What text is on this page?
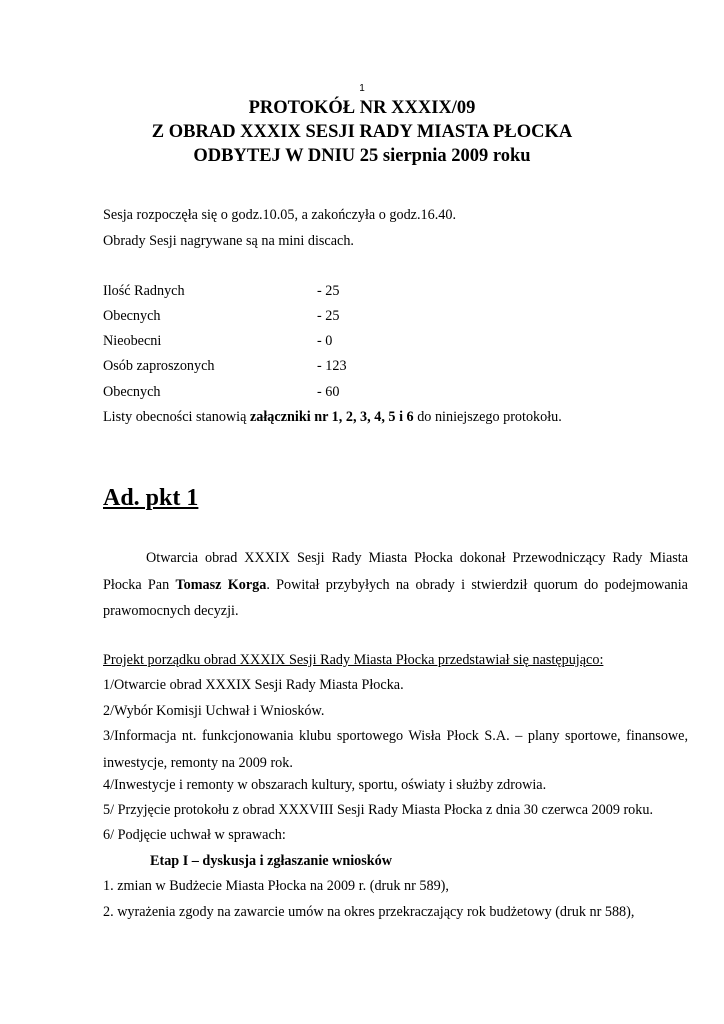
1
PROTOKÓŁ NR XXXIX/09
Z OBRAD XXXIX SESJI RADY MIASTA PŁOCKA
ODBYTEJ W DNIU 25 sierpnia 2009 roku
Sesja rozpoczęła się o godz.10.05, a zakończyła o godz.16.40.
Obrady Sesji nagrywane są na mini discach.
Ilość Radnych	- 25
Obecnych	- 25
Nieobecni	- 0
Osób zaproszonych	- 123
Obecnych	- 60
Listy obecności stanowią załączniki nr 1, 2, 3, 4, 5 i 6 do niniejszego protokołu.
Ad. pkt 1
Otwarcia obrad XXXIX Sesji Rady Miasta Płocka dokonał Przewodniczący Rady Miasta Płocka Pan Tomasz Korga. Powitał przybyłych na obrady i stwierdził quorum do podejmowania prawomocnych decyzji.
Projekt porządku obrad XXXIX Sesji Rady Miasta Płocka przedstawiał się następująco:
1/Otwarcie obrad XXXIX Sesji Rady Miasta Płocka.
2/Wybór Komisji Uchwał i Wniosków.
3/Informacja nt. funkcjonowania klubu sportowego Wisła Płock S.A. – plany sportowe, finansowe, inwestycje, remonty na 2009 rok.
4/Inwestycje i remonty w obszarach kultury, sportu, oświaty i służby zdrowia.
5/ Przyjęcie protokołu z obrad XXXVIII Sesji Rady Miasta Płocka z dnia 30 czerwca 2009 roku.
6/ Podjęcie uchwał w sprawach:
Etap I – dyskusja i zgłaszanie wniosków
1. zmian w Budżecie Miasta Płocka na 2009 r. (druk nr 589),
2. wyrażenia zgody na zawarcie umów na okres przekraczający rok budżetowy (druk nr 588),
